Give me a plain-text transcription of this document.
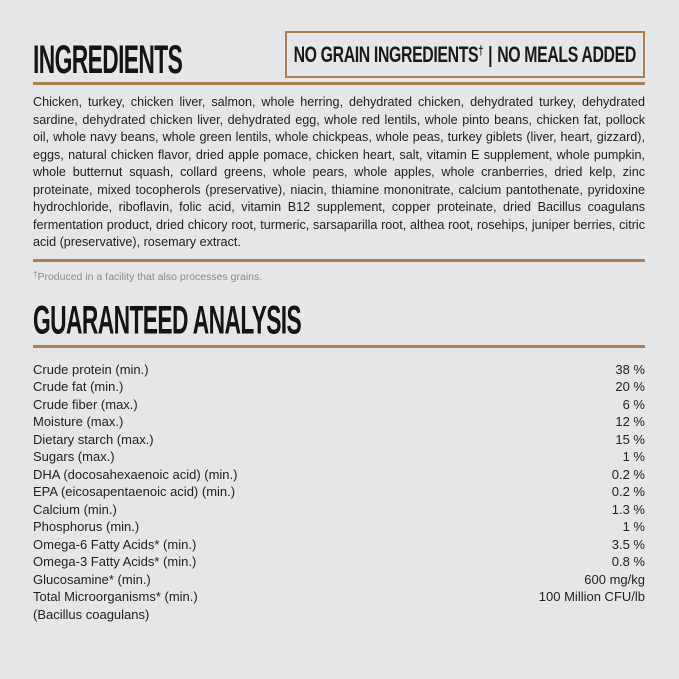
INGREDIENTS	NO GRAIN INGREDIENTS† | NO MEALS ADDED

Chicken, turkey, chicken liver, salmon, whole herring, dehydrated chicken, dehydrated turkey, dehydrated sardine, dehydrated chicken liver, dehydrated egg, whole red lentils, whole pinto beans, chicken fat, pollock oil, whole navy beans, whole green lentils, whole chickpeas, whole peas, turkey giblets (liver, heart, gizzard), eggs, natural chicken flavor, dried apple pomace, chicken heart, salt, vitamin E supplement, whole pumpkin, whole butternut squash, collard greens, whole pears, whole apples, whole cranberries, dried kelp, zinc proteinate, mixed tocopherols (preservative), niacin, thiamine mononitrate, calcium pantothenate, pyridoxine hydrochloride, riboflavin, folic acid, vitamin B12 supplement, copper proteinate, dried Bacillus coagulans fermentation product, dried chicory root, turmeric, sarsaparilla root, althea root, rosehips, juniper berries, citric acid (preservative), rosemary extract.

†Produced in a facility that also processes grains.

GUARANTEED ANALYSIS
Crude protein (min.)	38 %
Crude fat (min.)	20 %
Crude fiber (max.)	6 %
Moisture (max.)	12 %
Dietary starch (max.)	15 %
Sugars (max.)	1 %
DHA (docosahexaenoic acid) (min.)	0.2 %
EPA (eicosapentaenoic acid) (min.)	0.2 %
Calcium (min.)	1.3 %
Phosphorus (min.)	1 %
Omega-6 Fatty Acids* (min.)	3.5 %
Omega-3 Fatty Acids* (min.)	0.8 %
Glucosamine* (min.)	600 mg/kg
Total Microorganisms* (min.)	100 Million CFU/lb
(Bacillus coagulans)
